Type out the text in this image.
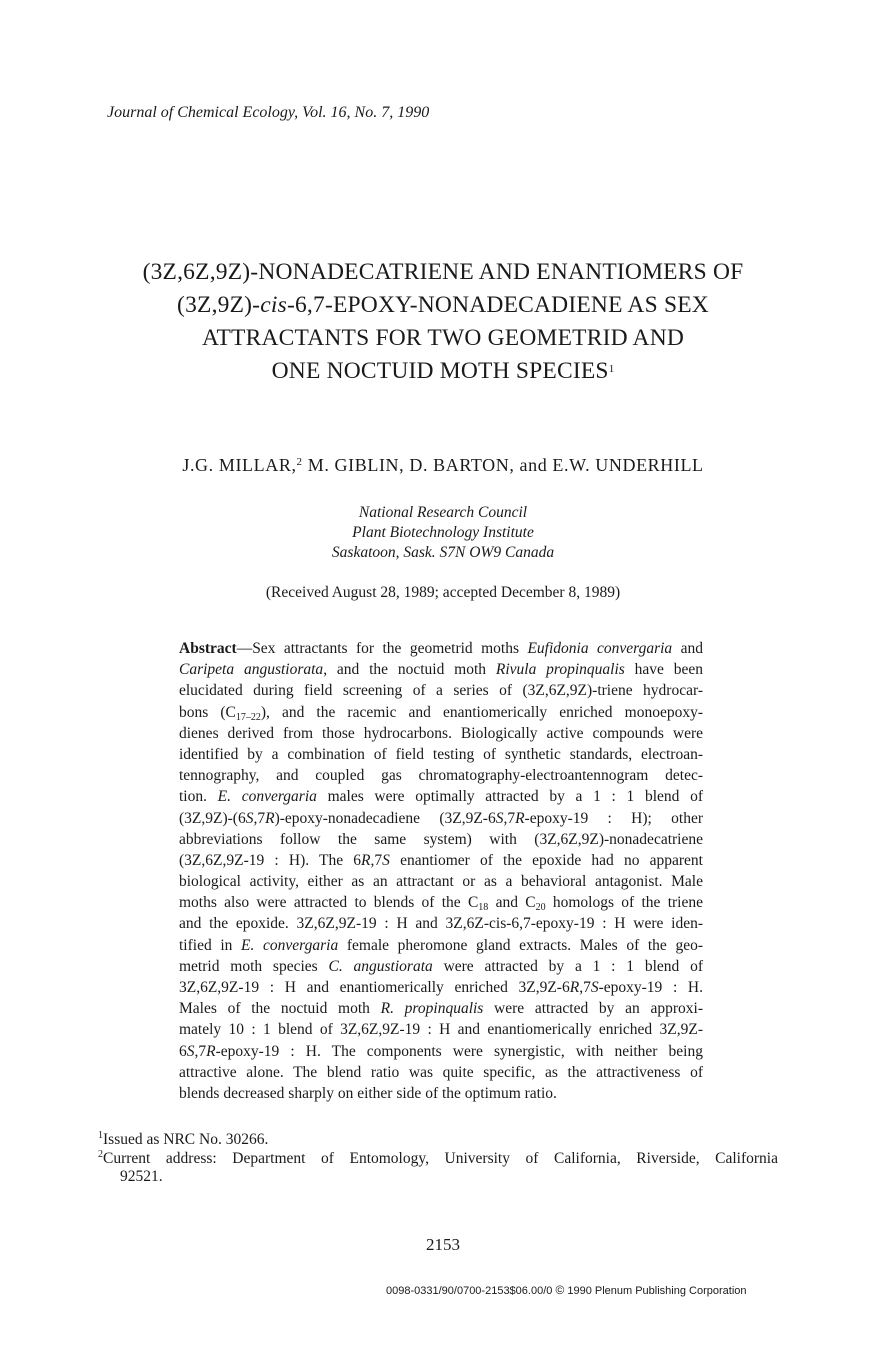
Journal of Chemical Ecology, Vol. 16, No. 7, 1990
(3Z,6Z,9Z)-NONADECATRIENE AND ENANTIOMERS OF
(3Z,9Z)-cis-6,7-EPOXY-NONADECADIENE AS SEX
ATTRACTANTS FOR TWO GEOMETRID AND
ONE NOCTUID MOTH SPECIES$^1$
J.G. MILLAR,$^2$ M. GIBLIN, D. BARTON, and E.W. UNDERHILL
National Research Council
Plant Biotechnology Institute
Saskatoon, Sask. S7N OW9 Canada
(Received August 28, 1989; accepted December 8, 1989)
Abstract—Sex attractants for the geometrid moths Eufidonia convergaria and
Caripeta angustiorata, and the noctuid moth Rivula propinqualis have been
elucidated during field screening of a series of (3Z,6Z,9Z)-triene hydrocar-
bons $(C_{17-22})$, and the racemic and enantiomerically enriched monoepoxy-
dienes derived from those hydrocarbons. Biologically active compounds were
identified by a combination of field testing of synthetic standards, electroan-
tennography, and coupled gas chromatography-electroantennogram detec-
tion. E. convergaria males were optimally attracted by a 1 : 1 blend of
(3Z,9Z)-(6S,7R)-epoxy-nonadecadiene (3Z,9Z-6S,7R-epoxy-19 : H); other
abbreviations follow the same system) with (3Z,6Z,9Z)-nonadecatriene
(3Z,6Z,9Z-19 : H). The 6R,7S enantiomer of the epoxide had no apparent
biological activity, either as an attractant or as a behavioral antagonist. Male
moths also were attracted to blends of the $C_{18}$ and $C_{20}$ homologs of the triene
and the epoxide. 3Z,6Z,9Z-19 : H and 3Z,6Z-cis-6,7-epoxy-19 : H were iden-
tified in E. convergaria female pheromone gland extracts. Males of the geo-
metrid moth species C. angustiorata were attracted by a 1 : 1 blend of
3Z,6Z,9Z-19 : H and enantiomerically enriched 3Z,9Z-6R,7S-epoxy-19 : H.
Males of the noctuid moth R. propinqualis were attracted by an approxi-
mately 10 : 1 blend of 3Z,6Z,9Z-19 : H and enantiomerically enriched 3Z,9Z-
6S,7R-epoxy-19 : H. The components were synergistic, with neither being
attractive alone. The blend ratio was quite specific, as the attractiveness of
blends decreased sharply on either side of the optimum ratio.
$^1$Issued as NRC No. 30266.
$^2$Current address: Department of Entomology, University of California, Riverside, California
92521.
2153
0098-0331/90/0700-2153$06.00/0 © 1990 Plenum Publishing Corporation
